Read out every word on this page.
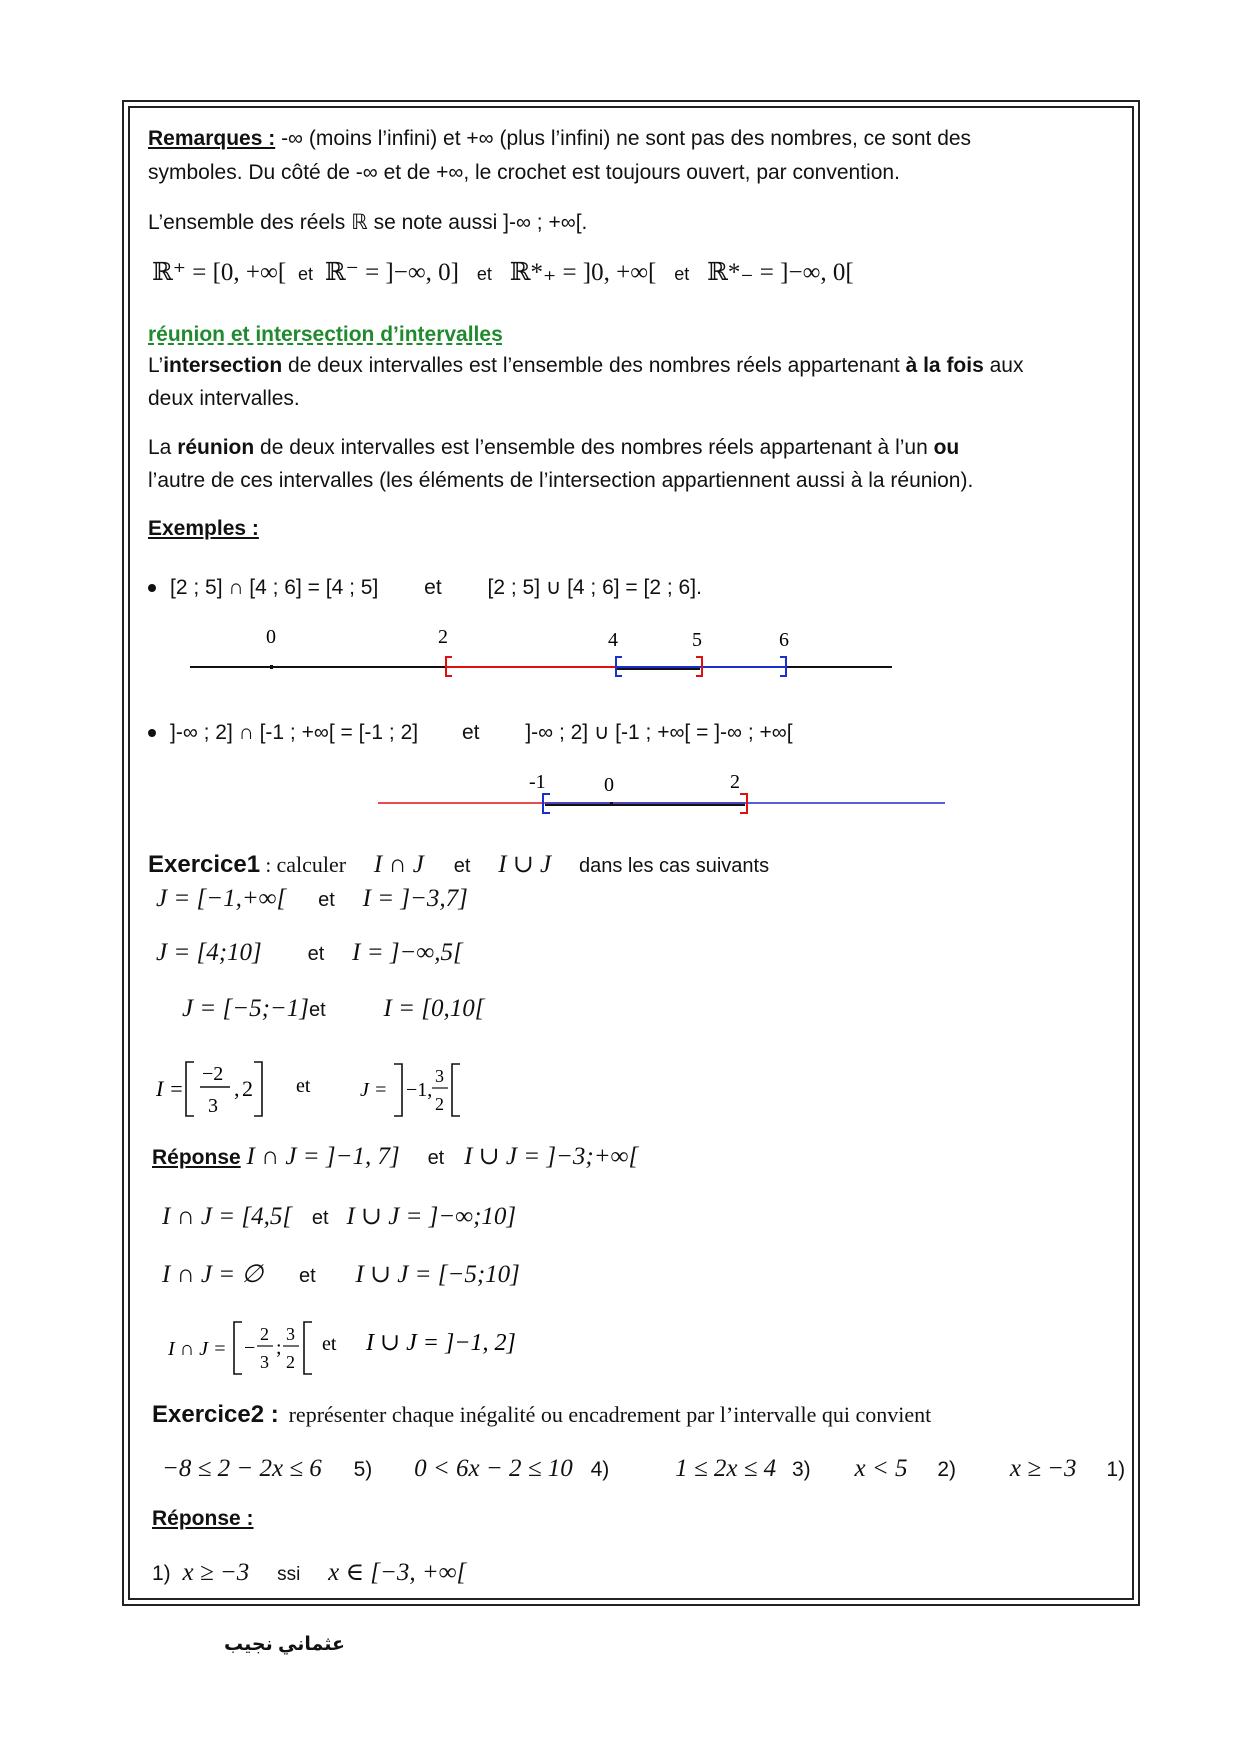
Remarques : -∞ (moins l’infini) et +∞ (plus l’infini) ne sont pas des nombres, ce sont des
symboles. Du côté de -∞ et de +∞, le crochet est toujours ouvert, par convention.
L’ensemble des réels ℝ se note aussi ]-∞ ; +∞[.
ℝ⁺ = [0, +∞[ et ℝ⁻ = ]−∞, 0] et ℝ*₊ = ]0, +∞[ et ℝ*₋ = ]−∞, 0[
réunion et intersection d’intervalles
L’intersection de deux intervalles est l’ensemble des nombres réels appartenant à la fois aux
deux intervalles.
La réunion de deux intervalles est l’ensemble des nombres réels appartenant à l’un ou
l’autre de ces intervalles (les éléments de l’intersection appartiennent aussi à la réunion).
Exemples :
[2 ; 5] ∩ [4 ; 6] = [4 ; 5] et [2 ; 5] ∪ [4 ; 6] = [2 ; 6].
0	2	4	5	6
]-∞ ; 2] ∩ [-1 ; +∞[ = [-1 ; 2] et ]-∞ ; 2] ∪ [-1 ; +∞[ = ]-∞ ; +∞[
-1	0	2
Exercice1 : calculer I ∩ J et I ∪ J dans les cas suivants
J = [−1,+∞[ et I = ]−3,7]
J = [4;10] et I = ]−∞,5[
J = [−5;−1]et I = [0,10[
I =
−2
3
, 2 et J = −1,
3
2
Réponse I ∩ J = ]−1, 7] et I ∪ J = ]−3;+∞[
I ∩ J = [4,5[ et I ∪ J = ]−∞;10]
I ∩ J = ∅ et I ∪ J = [−5;10]
I ∩ J = −
2
3
;
3
2
et I ∪ J = ]−1, 2]
Exercice2 : représenter chaque inégalité ou encadrement par l’intervalle qui convient
−8 ≤ 2 − 2x ≤ 6 5) 0 < 6x − 2 ≤ 10 4)	1 ≤ 2x ≤ 4 3) x < 5 2) x ≥ −3 1)
Réponse :
1) x ≥ −3 ssi x ∈ [−3, +∞[
عثماني نجيب
